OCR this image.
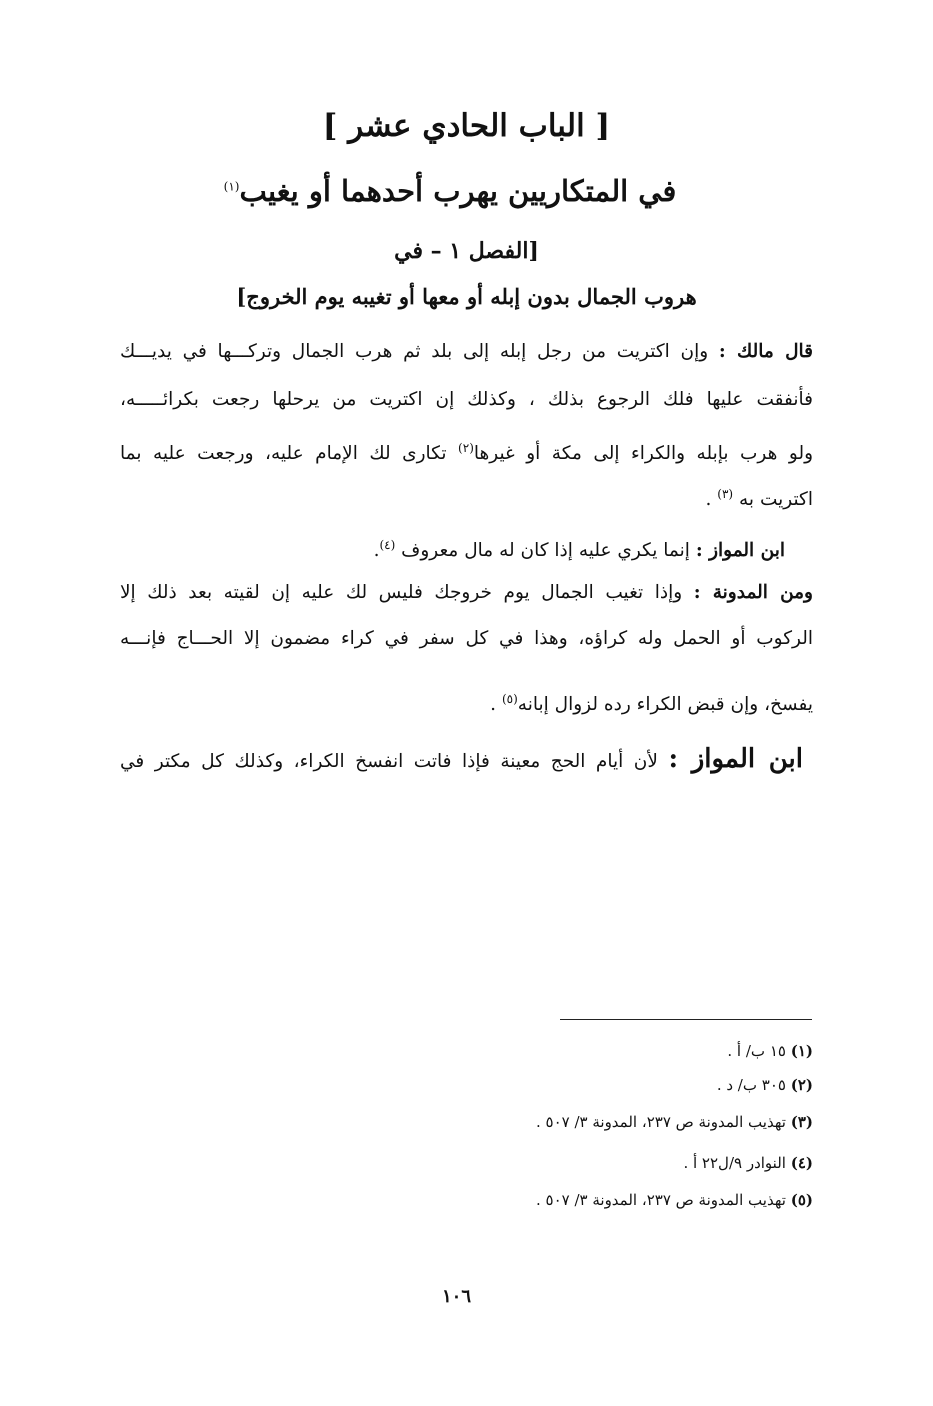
[ الباب الحادي عشر ]
في المتكاريين يهرب أحدهما أو يغيب$^{(١)}$
[الفصل ١ – في
هروب الجمال بدون إبله أو معها أو تغيبه يوم الخروج]
قال مالك : وإن اكتريت من رجل إبله إلى بلد ثم هرب الجمال وتركـــها في يديـــك
فأنفقت عليها فلك الرجوع بذلك ، وكذلك إن اكتريت من يرحلها رجعت بكرائـــــه،
ولو هرب بإبله والكراء إلى مكة أو غيرها$^{(٢)}$ تكارى لك الإمام عليه، ورجعت عليه بما
اكتريت به $^{(٣)}$ .
ابن المواز : إنما يكري عليه إذا كان له مال معروف $^{(٤)}$.
ومن المدونة : وإذا تغيب الجمال يوم خروجك فليس لك عليه إن لقيته بعد ذلك إلا
الركوب أو الحمل وله كراؤه، وهذا في كل سفر في كراء مضمون إلا الحـــاج فإنـــه
يفسخ، وإن قبض الكراء رده لزوال إبانه$^{(٥)}$ .
ابن المواز : لأن أيام الحج معينة فإذا فاتت انفسخ الكراء، وكذلك كل مكتر في
(١) ١٥ ب/ أ .
(٢) ٣٠٥ ب/ د .
(٣) تهذيب المدونة ص ٢٣٧، المدونة ٣/ ٥٠٧ .
(٤) النوادر ٩/ل٢٢ أ .
(٥) تهذيب المدونة ص ٢٣٧، المدونة ٣/ ٥٠٧ .
١٠٦
